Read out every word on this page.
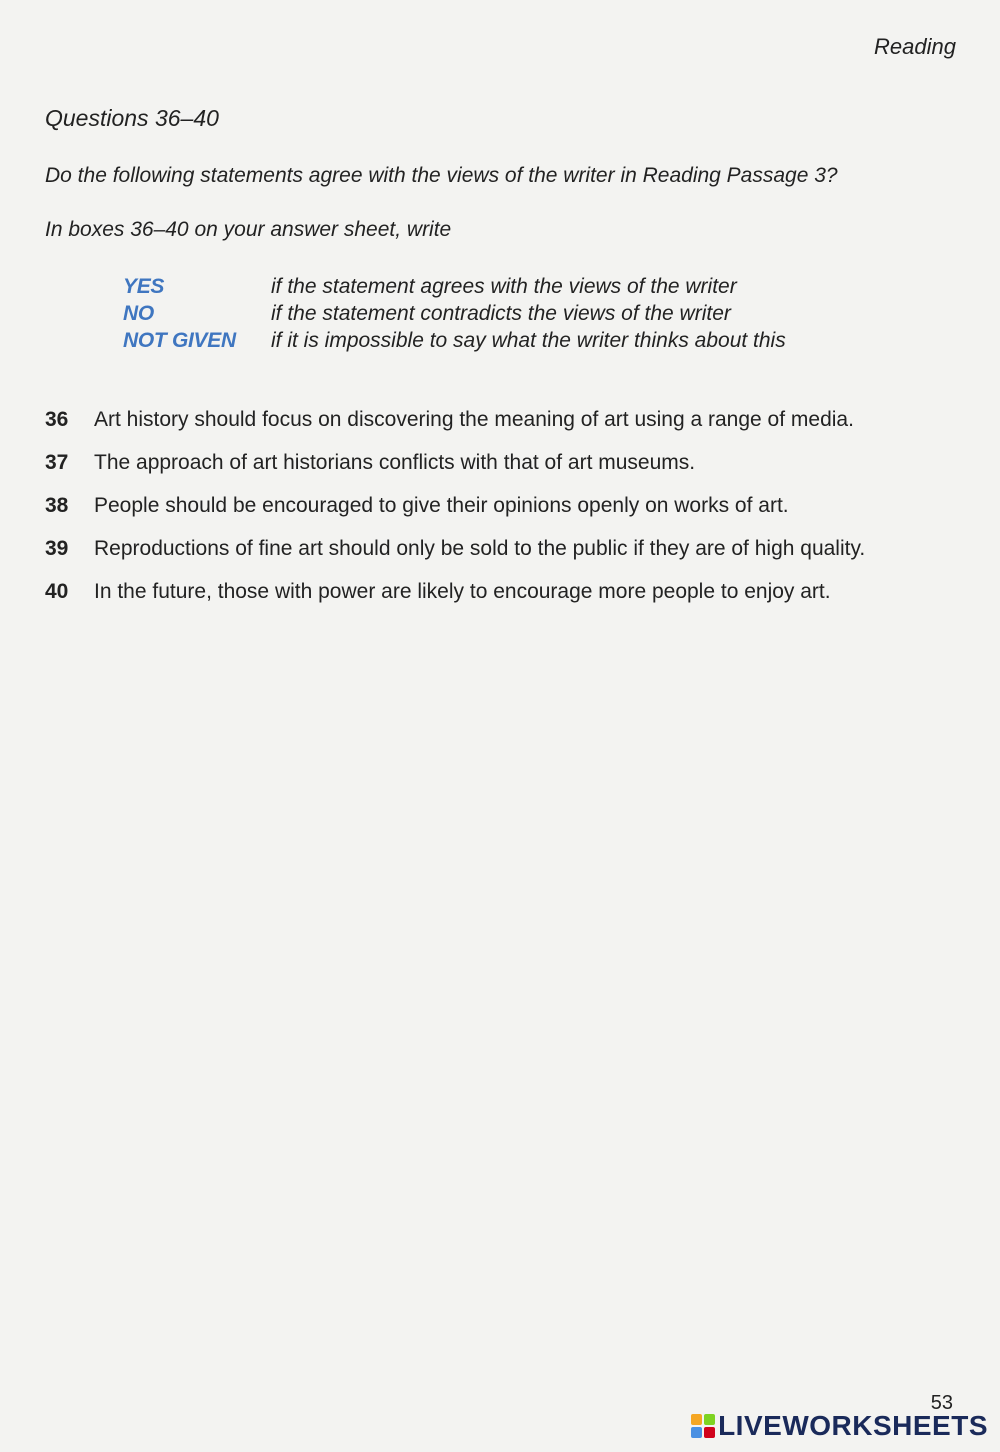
Reading
Questions 36–40
Do the following statements agree with the views of the writer in Reading Passage 3?
In boxes 36–40 on your answer sheet, write
YES	if the statement agrees with the views of the writer
NO	if the statement contradicts the views of the writer
NOT GIVEN	if it is impossible to say what the writer thinks about this
36	Art history should focus on discovering the meaning of art using a range of media.
37	The approach of art historians conflicts with that of art museums.
38	People should be encouraged to give their opinions openly on works of art.
39	Reproductions of fine art should only be sold to the public if they are of high quality.
40	In the future, those with power are likely to encourage more people to enjoy art.
53
LIVEWORKSHEETS
